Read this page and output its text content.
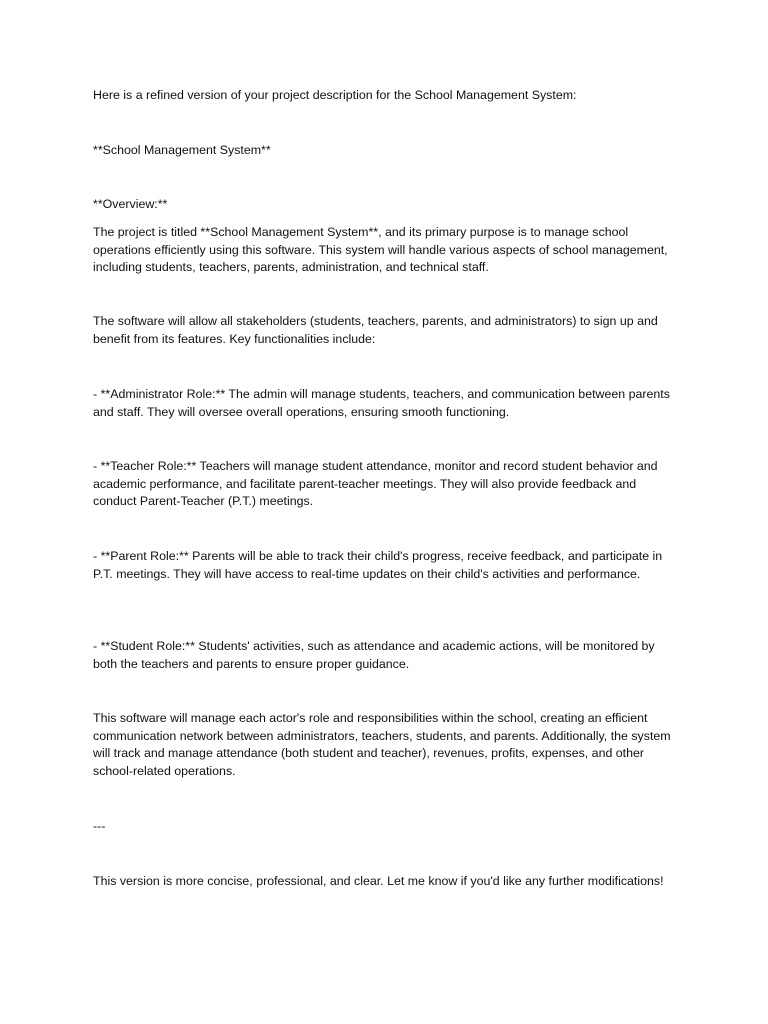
Here is a refined version of your project description for the School Management System:

**School Management System**

**Overview:**

The project is titled **School Management System**, and its primary purpose is to manage school operations efficiently using this software. This system will handle various aspects of school management, including students, teachers, parents, administration, and technical staff.

The software will allow all stakeholders (students, teachers, parents, and administrators) to sign up and benefit from its features. Key functionalities include:

- **Administrator Role:** The admin will manage students, teachers, and communication between parents and staff. They will oversee overall operations, ensuring smooth functioning.

- **Teacher Role:** Teachers will manage student attendance, monitor and record student behavior and academic performance, and facilitate parent-teacher meetings. They will also provide feedback and conduct Parent-Teacher (P.T.) meetings.

- **Parent Role:** Parents will be able to track their child's progress, receive feedback, and participate in P.T. meetings. They will have access to real-time updates on their child's activities and performance.

- **Student Role:** Students' activities, such as attendance and academic actions, will be monitored by both the teachers and parents to ensure proper guidance.

This software will manage each actor's role and responsibilities within the school, creating an efficient communication network between administrators, teachers, students, and parents. Additionally, the system will track and manage attendance (both student and teacher), revenues, profits, expenses, and other school-related operations.

---

This version is more concise, professional, and clear. Let me know if you'd like any further modifications!
